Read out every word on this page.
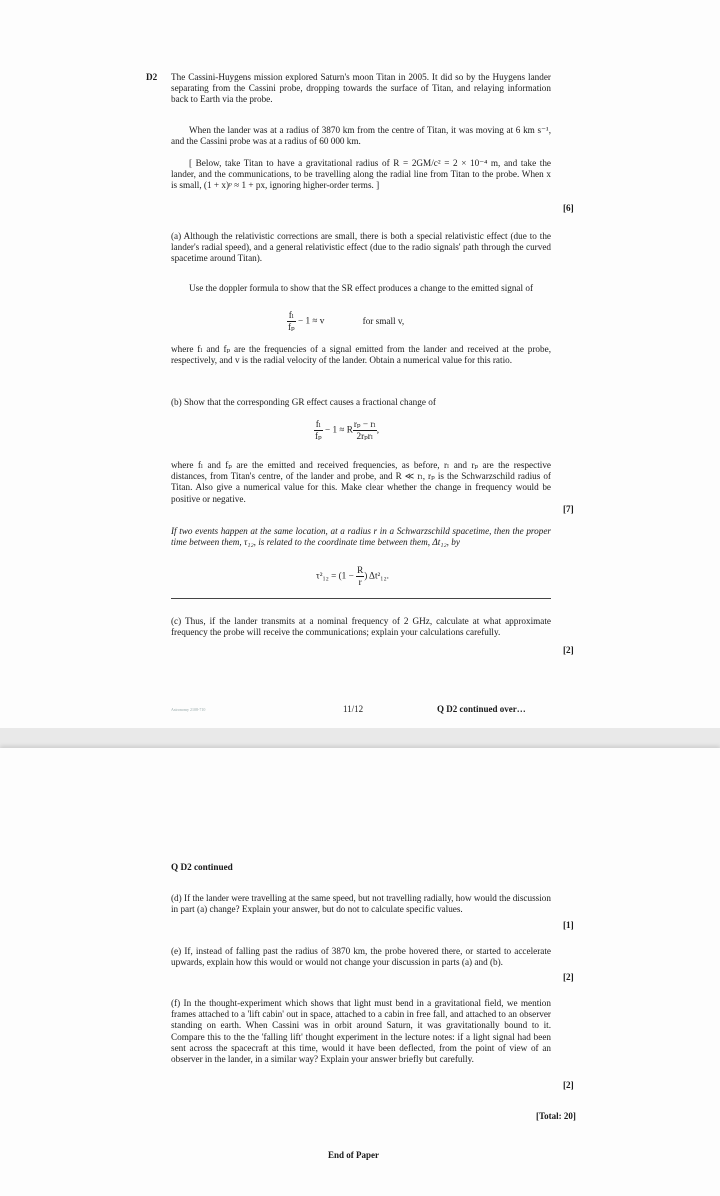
D2 The Cassini-Huygens mission explored Saturn's moon Titan in 2005. It did so by the Huygens lander separating from the Cassini probe, dropping towards the surface of Titan, and relaying information back to Earth via the probe.
When the lander was at a radius of 3870 km from the centre of Titan, it was moving at 6 km s⁻¹, and the Cassini probe was at a radius of 60 000 km.
[ Below, take Titan to have a gravitational radius of R = 2GM/c² = 2 × 10⁻⁴ m, and take the lander, and the communications, to be travelling along the radial line from Titan to the probe. When x is small, (1 + x)ᵖ ≈ 1 + px, ignoring higher-order terms. ]
[6]
(a) Although the relativistic corrections are small, there is both a special relativistic effect (due to the lander's radial speed), and a general relativistic effect (due to the radio signals' path through the curved spacetime around Titan).
Use the doppler formula to show that the SR effect produces a change to the emitted signal of
$\frac{\text{fₗ}}{\text{fₚ}} - 1 \approx v$	for small v,
where fₗ and fₚ are the frequencies of a signal emitted from the lander and received at the probe, respectively, and v is the radial velocity of the lander. Obtain a numerical value for this ratio.
(b) Show that the corresponding GR effect causes a fractional change of
$\frac{\text{fₗ}}{\text{fₚ}} - 1 \approx R \frac{\text{rₚ − rₗ}}{\text{2rₚrₗ}}$ ,
where fₗ and fₚ are the emitted and received frequencies, as before, rₗ and rₚ are the respective distances, from Titan's centre, of the lander and probe, and R ≪ rₗ, rₚ is the Schwarzschild radius of Titan. Also give a numerical value for this. Make clear whether the change in frequency would be positive or negative.
[7]
If two events happen at the same location, at a radius r in a Schwarzschild spacetime, then the proper time between them, τ₁₂, is related to the coordinate time between them, Δt₁₂, by
$\tau^2_{12} = (1 - \frac{R}{r}$ ) Δt²₁₂.
(c) Thus, if the lander transmits at a nominal frequency of 2 GHz, calculate at what approximate frequency the probe will receive the communications; explain your calculations carefully.
[2]
Astronomy 2108-710	11/12	Q D2 continued over…
Q D2 continued
(d) If the lander were travelling at the same speed, but not travelling radially, how would the discussion in part (a) change? Explain your answer, but do not to calculate specific values.
[1]
(e) If, instead of falling past the radius of 3870 km, the probe hovered there, or started to accelerate upwards, explain how this would or would not change your discussion in parts (a) and (b).
[2]
(f) In the thought-experiment which shows that light must bend in a gravitational field, we mention frames attached to a 'lift cabin' out in space, attached to a cabin in free fall, and attached to an observer standing on earth. When Cassini was in orbit around Saturn, it was gravitationally bound to it. Compare this to the the 'falling lift' thought experiment in the lecture notes: if a light signal had been sent across the spacecraft at this time, would it have been deflected, from the point of view of an observer in the lander, in a similar way? Explain your answer briefly but carefully.
[2]
[Total: 20]
End of Paper
